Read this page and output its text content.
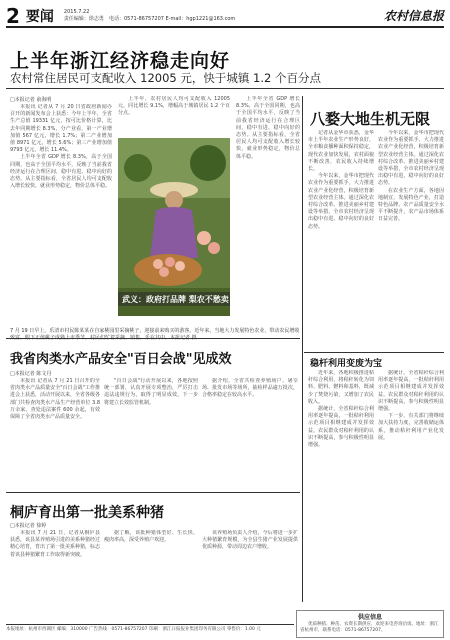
2 要闻 2015.7.22
责任编辑：徐志勇　 电话：0571-86757207 E-mail：hgp1221@163.com	农村信息报
上半年浙江经济稳走向好
农村常住居民可支配收入 12005 元，快于城镇 1.2 个百分点
□本报记者 俞海明

本报讯 记者从 7 月 20 日省政府新闻办召开的新闻发布会上获悉：今年上半年，全省生产总值 19331 亿元，按可比价格计算，比去年同期增长 8.3%，分产业看，第一产业增加值 567 亿元，增长 1.7%；第二产业增加值 8971 亿元，增长 5.6%；第三产业增加值 9793 亿元，增长 11.4%。

上半年全省 GDP 增长 8.3%，高于全国同期，也高于全国平均水平，反映了当前我省经济运行在合理区间，稳中有进、稳中向好的态势。从主要指标看，全省居民人均可支配收入增长较快，就业形势稳定，物价总体平稳。

上半年，农村居民人均可支配收入 12005 元，同比增长 9.1%，增幅高于城镇居民 1.2 个百分点。

武义：政府打品牌 梨农不愁卖

上半年全省 GDP 增长 8.3%，高于全国同期，也高于全国平均水平，反映了当前我省经济运行在合理区间，稳中有进、稳中向好的态势。从主要指标看，全省居民人均可支配收入增长较快，就业形势稳定，物价总体平稳。

八婺大地生机无限

记者从金华市获悉，金华市上半年农业生产形势良好，全市粮食播种面积保持稳定，现代农业加快发展，农村面貌不断改善，农民收入持续增长。

今年以来，金华市把现代农业作为重要抓手，大力推进农业产业化经营，积极培育新型农业经营主体。通过深化农村综合改革、推进美丽乡村建设等举措，全市农村经济呈现出稳中有进、稳中向好的良好态势。

今年以来，金华市把现代农业作为重要抓手，大力推进农业产业化经营，积极培育新型农业经营主体。通过深化农村综合改革、推进美丽乡村建设等举措，全市农村经济呈现出稳中有进、稳中向好的良好态势。

在农业生产方面，各地因地制宜，发展特色产业，打造特色品牌。农产品质量安全水平不断提升，农产品市场体系日益完善。

7 月 19 日早上，乐清市村民陈某某在自家桃园里采摘桃子，迎接前来购买的游客。近年来，当地大力发展特色农业，带动农民增收
我省肉类水产品安全"百日会战"见成效
□本报记者 陈文丹

本报讯 记者从 7 月 21 日召开的全省肉类水产品质量安全"百日会战"工作推进会上获悉，活动开展以来，全省各级各部门共检查肉类水产品生产经营单位 3.8 万余家，查处违法案件 600 余起，有效保障了全省肉类水产品质量安全。

"百日会战"行动开展以来，各地按照统一部署，认真开展专项整治，严厉打击违法违规行为，取得了明显成效。下一步将建立长效监管机制。

据介绍，全省共检查养殖场户、屠宰场、批发市场等场所，抽检样品逾万批次，合格率稳定在较高水平。

桐庐育出第一批美系种猪
□本报记者 徐婷

本报讯 7 月 21 日，记者从桐庐县获悉，该县某养殖场引进的美系种猪经过精心培育，育出了第一批美系种猪，标志着该县种猪繁育工作取得新突破。

据了解，该批种猪体型好、生长快、瘦肉率高，深受养殖户欢迎。

该养殖场负责人介绍，今后将进一步扩大种猪繁育规模，为全县生猪产业发展提供优质种源，带动周边农户增收。

稳杆利用变废为宝

近年来，各地积极推进秸秆综合利用，将秸秆转化为饲料、肥料、燃料和基料，既减少了焚烧污染，又增加了农民收入。

据统计，全省秸秆综合利用率逐年提高，一批秸秆利用示范项目相继建成并发挥效益。农民群众对秸秆利用的认识不断提高，参与积极性明显增强。

据统计，全省秸秆综合利用率逐年提高，一批秸秆利用示范项目相继建成并发挥效益。农民群众对秸秆利用的认识不断提高，参与积极性明显增强。

下一步，有关部门将继续加大扶持力度，完善收储运体系，推动秸秆利用产业化发展。

供应信息

优质种猪、种苗、农资长期供应，欢迎来电咨询洽谈。地址：浙江省杭州市，联系电话：0571-86757207。

本报地址：杭州市西湖区 邮编：310000 广告热线：0571-86757207 印刷：浙江日报报业集团印务有限公司 零售价：1.00 元
